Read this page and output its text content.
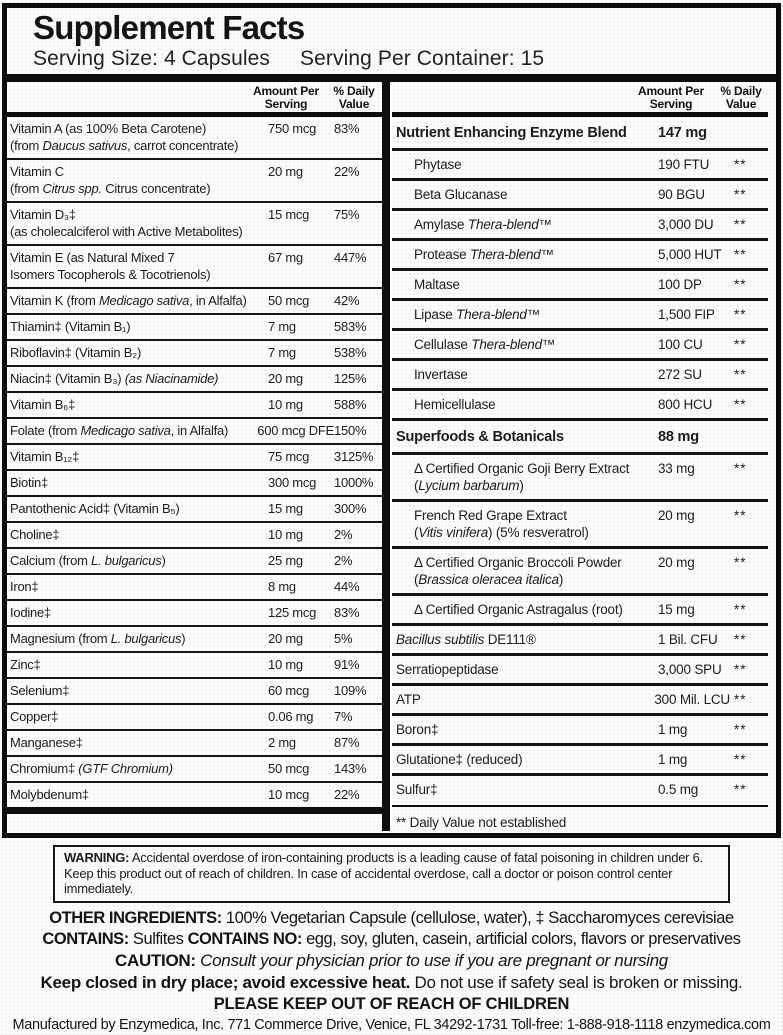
Supplement Facts
Serving Size: 4 Capsules Serving Per Container: 15
Amount Per
Serving
% Daily
Value
Vitamin A (as 100% Beta Carotene)
(from Daucus sativus, carrot concentrate)
750 mcg	83%
Vitamin C
(from Citrus spp. Citrus concentrate)
20 mg	22%
Vitamin D₃‡
(as cholecalciferol with Active Metabolites)
15 mcg	75%
Vitamin E (as Natural Mixed 7
Isomers Tocopherols & Tocotrienols)
67 mg	447%
Vitamin K (from Medicago sativa, in Alfalfa)	50 mcg	42%
Thiamin‡ (Vitamin B₁)	7 mg	583%
Riboflavin‡ (Vitamin B₂)	7 mg	538%
Niacin‡ (Vitamin B₃) (as Niacinamide)	20 mg	125%
Vitamin B₆‡	10 mg	588%
Folate (from Medicago sativa, in Alfalfa)	600 mcg DFE 150%
Vitamin B₁₂‡	75 mcg	3125%
Biotin‡	300 mcg	1000%
Pantothenic Acid‡ (Vitamin B₅)	15 mg	300%
Choline‡	10 mg	2%
Calcium (from L. bulgaricus)	25 mg	2%
Iron‡	8 mg	44%
Iodine‡	125 mcg	83%
Magnesium (from L. bulgaricus)	20 mg	5%
Zinc‡	10 mg	91%
Selenium‡	60 mcg	109%
Copper‡	0.06 mg	7%
Manganese‡	2 mg	87%
Chromium‡ (GTF Chromium)	50 mcg	143%
Molybdenum‡	10 mcg	22%
Amount Per
Serving
% Daily
Value
Nutrient Enhancing Enzyme Blend	147 mg
Phytase	190 FTU	**
Beta Glucanase	90 BGU	**
Amylase Thera-blend™	3,000 DU	**
Protease Thera-blend™	5,000 HUT **
Maltase	100 DP	**
Lipase Thera-blend™	1,500 FIP	**
Cellulase Thera-blend™	100 CU	**
Invertase	272 SU	**
Hemicellulase	800 HCU	**
Superfoods & Botanicals	88 mg
Δ Certified Organic Goji Berry Extract
(Lycium barbarum)
33 mg	**
French Red Grape Extract
(Vitis vinifera) (5% resveratrol)
20 mg	**
Δ Certified Organic Broccoli Powder
(Brassica oleracea italica)
20 mg	**
Δ Certified Organic Astragalus (root)	15 mg	**
Bacillus subtilis DE111®	1 Bil. CFU	**
Serratiopeptidase	3,000 SPU **
ATP	300 Mil. LCU **
Boron‡	1 mg	**
Glutatione‡ (reduced)	1 mg	**
Sulfur‡	0.5 mg	**
** Daily Value not established
WARNING: Accidental overdose of iron-containing products is a leading cause of fatal poisoning in children under 6. Keep this product out of reach of children. In case of accidental overdose, call a doctor or poison control center immediately.
OTHER INGREDIENTS: 100% Vegetarian Capsule (cellulose, water), ‡ Saccharomyces cerevisiae
CONTAINS: Sulfites CONTAINS NO: egg, soy, gluten, casein, artificial colors, flavors or preservatives
CAUTION: Consult your physician prior to use if you are pregnant or nursing
Keep closed in dry place; avoid excessive heat. Do not use if safety seal is broken or missing.
PLEASE KEEP OUT OF REACH OF CHILDREN
Manufactured by Enzymedica, Inc. 771 Commerce Drive, Venice, FL 34292-1731 Toll-free: 1-888-918-1118 enzymedica.com
